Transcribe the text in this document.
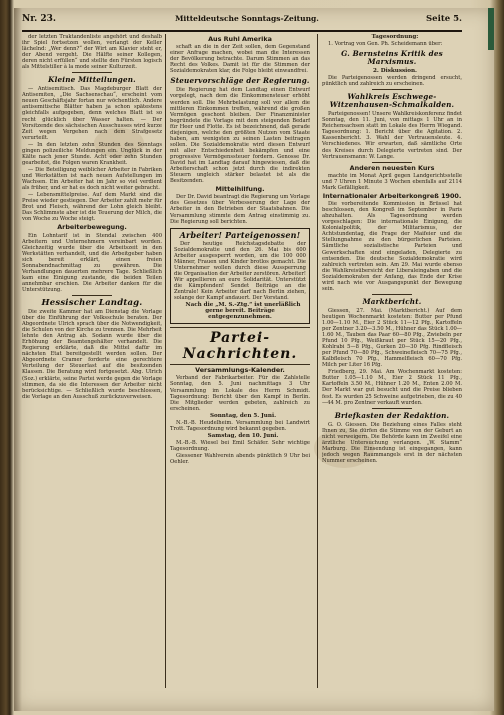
Nr. 23.	Mitteldeutsche Sonntags-Zeitung.	Seite 5.

der letzten Traktandenliste angehört und deshalb ihr Spiel fortsetzen wollen, verlangt der Keller lächelnd: „Wer denn?“ der Wirt am Klavier steht er, der Abend vergeht. Die Hälfte seiner Kollegen, deren nicht erfüllen“ und stellte den Fürsten logisch als Mittelstiller à la mode seiner Kulturzeit.

Kleine Mitteilungen.

— Antisemitisch. Das Magdeburger Blatt der Antisemiten, „Die Sachsenschau“, erscheint vom neuen Geschäftsjahr fortan nur wöchentlich. Andere antisemitische Blätter haben ja schon spätestens gleichfalls aufgegeben, denn welches Blatt ist so recht glücklich über Wasser halten. — Der Vorsitzende des sächsischen Ausschusses wird kurze Zeit wegen Vergehen nach dem Strafgesetz verurteilt.

— In den letzten zehn Stunden des Sonntags gingen polizeiliche Meldungen ein. Unglück in der Kälte nach jener Stunde. Acht oder zehn Stunden gearbeitet, die Folgen waren Krankheit.

— Die Beteiligung weiblicher Arbeiter in Fabriken und Werkstätten ist nach neuen Aufstellungen im Wachsen. Ein Arbeiter hat im Jahr so viel verdient als früher, und er hat es doch nicht weiter gebracht.

— Lebensmittelpreise. Auf dem Markt sind die Preise wieder gestiegen. Der Arbeiter zahlt mehr für Brot und Fleisch, während der Lohn gleich bleibt. Das Schlimmste aber ist die Teuerung der Milch, die von Woche zu Woche steigt.

Arbeiterbewegung.

Ein Lohntarif ist in Stendal zwischen 400 Arbeitern und Unternehmern vereinbart worden. Gleichzeitig wurde über die Arbeitszeit in den Werkstätten verhandelt, und die Arbeitgeber haben sich bereit erklärt, einen freien Sonnabendnachmittag zu gewähren. Die Verhandlungen dauerten mehrere Tage. Schließlich kam eine Einigung zustande, die beiden Teilen annehmbar erschien. Die Arbeiter danken für die Unterstützung.

Hessischer Landtag.

Die zweite Kammer hat am Dienstag die Vorlage über die Einführung der Volksschule beraten. Der Abgeordnete Ulrich sprach über die Notwendigkeit, die Schulen von der Kirche zu trennen. Die Mehrheit lehnte den Antrag ab. Sodann wurde über die Erhöhung der Beamtengehälter verhandelt. Die Regierung erklärte, daß die Mittel dafür im nächsten Etat bereitgestellt werden sollen. Der Abgeordnete Cramer forderte eine gerechtere Verteilung der Steuerlast auf die besitzenden Klassen. Die Beratung wird fortgesetzt. Abg. Ulrich (Soz.) erklärte, seine Partei werde gegen die Vorlage stimmen, da sie die Interessen der Arbeiter nicht berücksichtige. — Schließlich wurde beschlossen, die Vorlage an den Ausschuß zurückzuverweisen.

Aus Ruhl Amerika

schaft an die in der Zeit sollen, dem Gegenstand einer Anfrage machen, wobei man die Interessen der Bevölkerung betrachte. Darum Stimmen an das Recht des Volkes. Damit ist für die Stimmen der Sozialdemokraten klar, die Folge bleibt einwandfrei.

Steuervorschläge der Regierung.

Die Regierung hat dem Landtag einen Entwurf vorgelegt, nach dem die Einkommensteuer erhöht werden soll. Die Mehrbelastung soll vor allem die mittleren Einkommen treffen, während die großen Vermögen geschont bleiben. Der Finanzminister begründete die Vorlage mit dem steigenden Bedarf für Heer und Flotte. Es ist bezeichnend, daß gerade diejenigen, welche den größten Nutzen vom Staate haben, am wenigsten zu seinen Lasten beitragen sollen. Die Sozialdemokratie wird diesen Entwurf mit aller Entschiedenheit bekämpfen und eine progressive Vermögenssteuer fordern. Genosse Dr. David hat im Landtag darauf hingewiesen, daß die Arbeiterschaft schon jetzt durch die indirekten Steuern ungleich stärker belastet ist als die Besitzenden.

Mittelhilfung.

Der Dr. David beantragt die Regierung um Vorlage des Gesetzes über Verbesserung der Lage der Arbeiter in den Betrieben der Staatsbahnen. Die Versammlung stimmte dem Antrag einstimmig zu. Die Regierung soll berichten.

Arbeiter! Parteigenossen!

Der heutige Reichstagsdebatte der Sozialdemokratie und den 26. Mai bis 600 Arbeiter ausgesperrt worden, um die 100 000 Männer, Frauen und Kinder brotlos gemacht. Die Unternehmer wollen durch diese Aussperrung die Organisation der Arbeiter zerstören. Arbeiter! Wir appellieren an eure Solidarität. Unterstützt die Kämpfenden! Sendet Beiträge an die Zentrale! Kein Arbeiter darf nach Berlin ziehen, solange der Kampf andauert. Der Vorstand.

Nach die „M. S.-Ztg.“ ist unerläßlich gerne bereit. Beiträge entgegenzunehmen.

Partei-Nachrichten.
Versammlungs-Kalender.

Verband der Fabrikarbeiter. Für die Zahlstelle Sonntag, den 5. Juni nachmittags 3 Uhr Versammlung im Lokale des Herrn Schmidt. Tagesordnung: Bericht über den Kampf in Berlin. Die Mitglieder werden gebeten, zahlreich zu erscheinen.

Sonntag, den 5. Juni.

N.-B.-B. Heudelheim. Versammlung bei Landwirt Trott. Tagesordnung wird bekannt gegeben.

Samstag, den 10. Juni.

M.-B.-B. Wiesel bei Emil Schäfer. Sehr wichtige Tagesordnung.

Giessener Wahlverein abends pünktlich 9 Uhr bei Oehler.

Tagesordnung:

1. Vortrag von Gen. Ph. Scheidemann über:

G. Bernsteins Kritik des Marxismus.

2. Diskussion.

Die Parteigenossen werden dringend ersucht, pünktlich und zahlreich zu erscheinen.

Wahlkreis Eschwege-Witzenhausen-Schmalkalden.

Parteigenossen! Unsere Wahlkreiskonferenz findet Sonntag, den 11. Juni, von mittags 1 Uhr an in Reichensachsen statt im Lokale des Herrn Wiegand. Tagesordnung: 1. Bericht über die Agitation. 2. Kassenbericht. 3. Wahl der Vertrauensleute. 4. Verschiedenes. Wir erwarten, daß sämtliche Orte des Kreises durch Delegierte vertreten sind. Der Vertrauensmann: W. Lange.

Anderen neuesten Kurs

machte im Monat April gegen Landgerichtsstelle und 7 Uhren 1 Minute 3 Wochen ebenfalls auf 2114 Mark Gefälligkeit.

Internationaler Arbeiterkongreß 1900.

Die vorbereitende Kommission in Brüssel hat beschlossen, den Kongreß im September in Paris abzuhalten. Als Tagesordnung werden vorgeschlagen: Die internationale Einigung, die Kolonialpolitik, der Militarismus, der Achtstundentag, die Frage der Maifeier und die Stellungnahme zu den bürgerlichen Parteien. Sämtliche sozialistische Parteien und Gewerkschaften sind eingeladen, Delegierte zu entsenden. Die deutsche Sozialdemokratie wird zahlreich vertreten sein. Am 29. Mai wurde ebenso die Wahlkreisübersicht der Liberaleingaben und die Sozialdemokraten der Anfang, das Ende der Krise wird nach wie vor Ausgangspunkt der Bewegung sein.

Marktbericht.

Giessen, 27. Mai. (Marktbericht.) Auf dem heutigen Wochenmarkt kosteten: Butter per Pfund 1.00—1.10 M., Eier 2 Stück 11—12 Pfg., Kartoffeln per Zentner 3.20—3.50 M., Hühner das Stück 1.00—1.60 M., Tauben das Paar 60—80 Pfg., Zwiebeln per Pfund 10 Pfg., Weißkraut per Stück 15—20 Pfg., Kohlrabi 5—8 Pfg., Gurken 20—30 Pfg. Rindfleisch per Pfund 70—80 Pfg., Schweinefleisch 70—75 Pfg., Kalbfleisch 70 Pfg., Hammelfleisch 60—70 Pfg. Milch per Liter 16 Pfg.

Friedberg, 29. Mai. Am Wochenmarkt kosteten: Butter 1.05—1.10 M., Eier 2 Stück 11 Pfg., Kartoffeln 3.50 M., Hühner 1.20 M., Enten 2.00 M. Der Markt war gut besucht und die Preise blieben fest. Es wurden 25 Schweine aufgetrieben, die zu 40—44 M. pro Zentner verkauft wurden.

Briefkasten der Redaktion.

G. O. Giessen. Die Beziehung eines Falles steht Ihnen zu, Sie dürfen die Stimme von der Geburt an nicht verweigern. Die Behörde kann im Zweifel eine ärztliche Untersuchung verlangen. „W. Stamm“ Marburg. Die Einsendung ist eingegangen, kann jedoch wegen Raummangels erst in der nächsten Nummer erscheinen.
